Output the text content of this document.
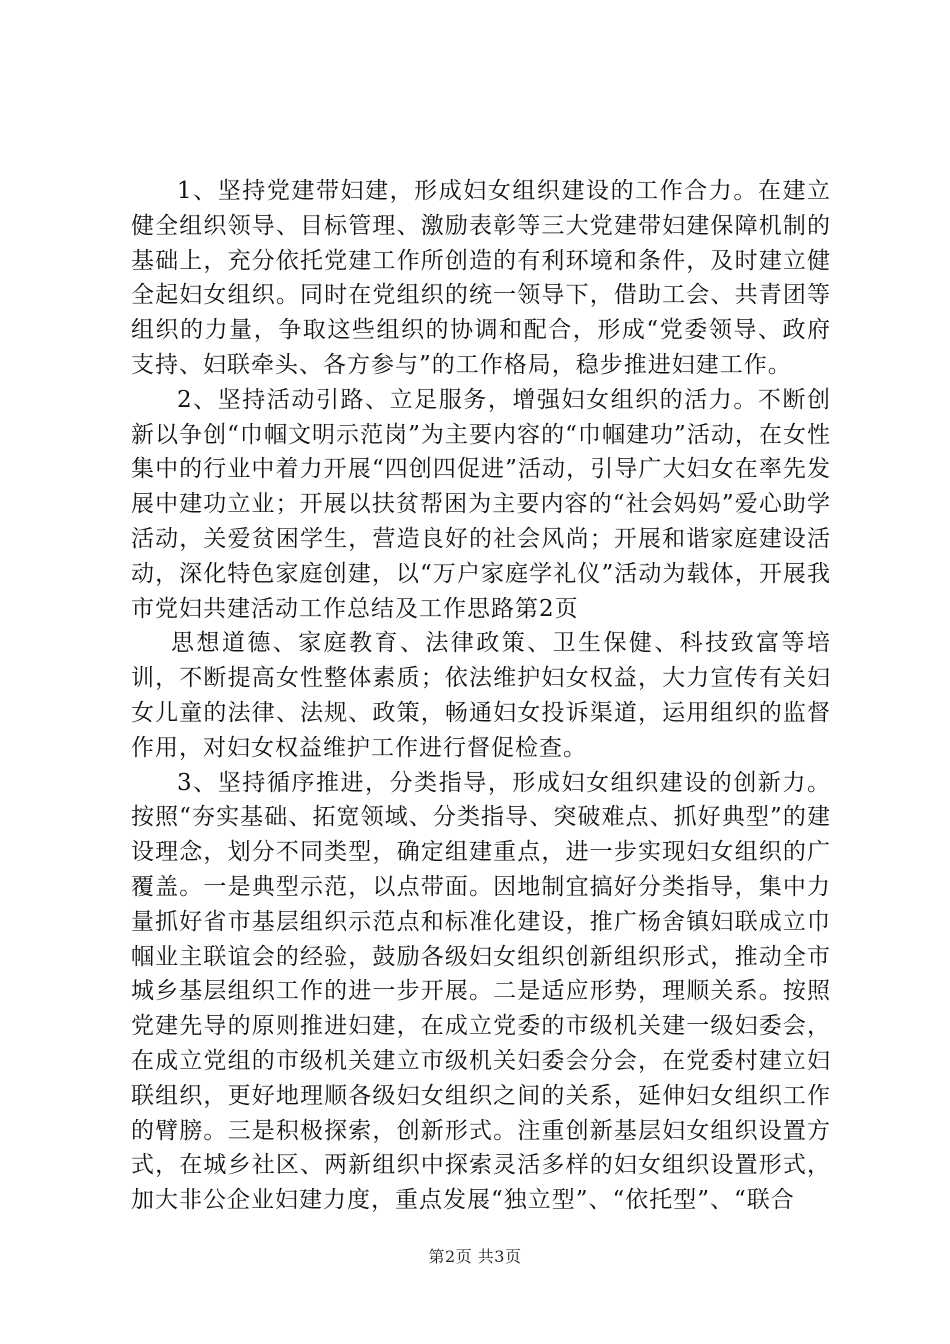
1、坚持党建带妇建，形成妇女组织建设的工作合力。在建立健全组织领导、目标管理、激励表彰等三大党建带妇建保障机制的基础上，充分依托党建工作所创造的有利环境和条件，及时建立健全起妇女组织。同时在党组织的统一领导下，借助工会、共青团等组织的力量，争取这些组织的协调和配合，形成“党委领导、政府支持、妇联牵头、各方参与”的工作格局，稳步推进妇建工作。

2、坚持活动引路、立足服务，增强妇女组织的活力。不断创新以争创“巾帼文明示范岗”为主要内容的“巾帼建功”活动，在女性集中的行业中着力开展“四创四促进”活动，引导广大妇女在率先发展中建功立业；开展以扶贫帮困为主要内容的“社会妈妈”爱心助学活动，关爱贫困学生，营造良好的社会风尚；开展和谐家庭建设活动，深化特色家庭创建，以“万户家庭学礼仪”活动为载体，开展我市党妇共建活动工作总结及工作思路第2页

思想道德、家庭教育、法律政策、卫生保健、科技致富等培训，不断提高女性整体素质；依法维护妇女权益，大力宣传有关妇女儿童的法律、法规、政策，畅通妇女投诉渠道，运用组织的监督作用，对妇女权益维护工作进行督促检查。

3、坚持循序推进，分类指导，形成妇女组织建设的创新力。按照“夯实基础、拓宽领域、分类指导、突破难点、抓好典型”的建设理念，划分不同类型，确定组建重点，进一步实现妇女组织的广覆盖。一是典型示范，以点带面。因地制宜搞好分类指导，集中力量抓好省市基层组织示范点和标准化建设，推广杨舍镇妇联成立巾帼业主联谊会的经验，鼓励各级妇女组织创新组织形式，推动全市城乡基层组织工作的进一步开展。二是适应形势，理顺关系。按照党建先导的原则推进妇建，在成立党委的市级机关建一级妇委会，在成立党组的市级机关建立市级机关妇委会分会，在党委村建立妇联组织，更好地理顺各级妇女组织之间的关系，延伸妇女组织工作的臂膀。三是积极探索，创新形式。注重创新基层妇女组织设置方式，在城乡社区、两新组织中探索灵活多样的妇女组织设置形式，加大非公企业妇建力度，重点发展“独立型”、“依托型”、“联合

第2页 共3页
